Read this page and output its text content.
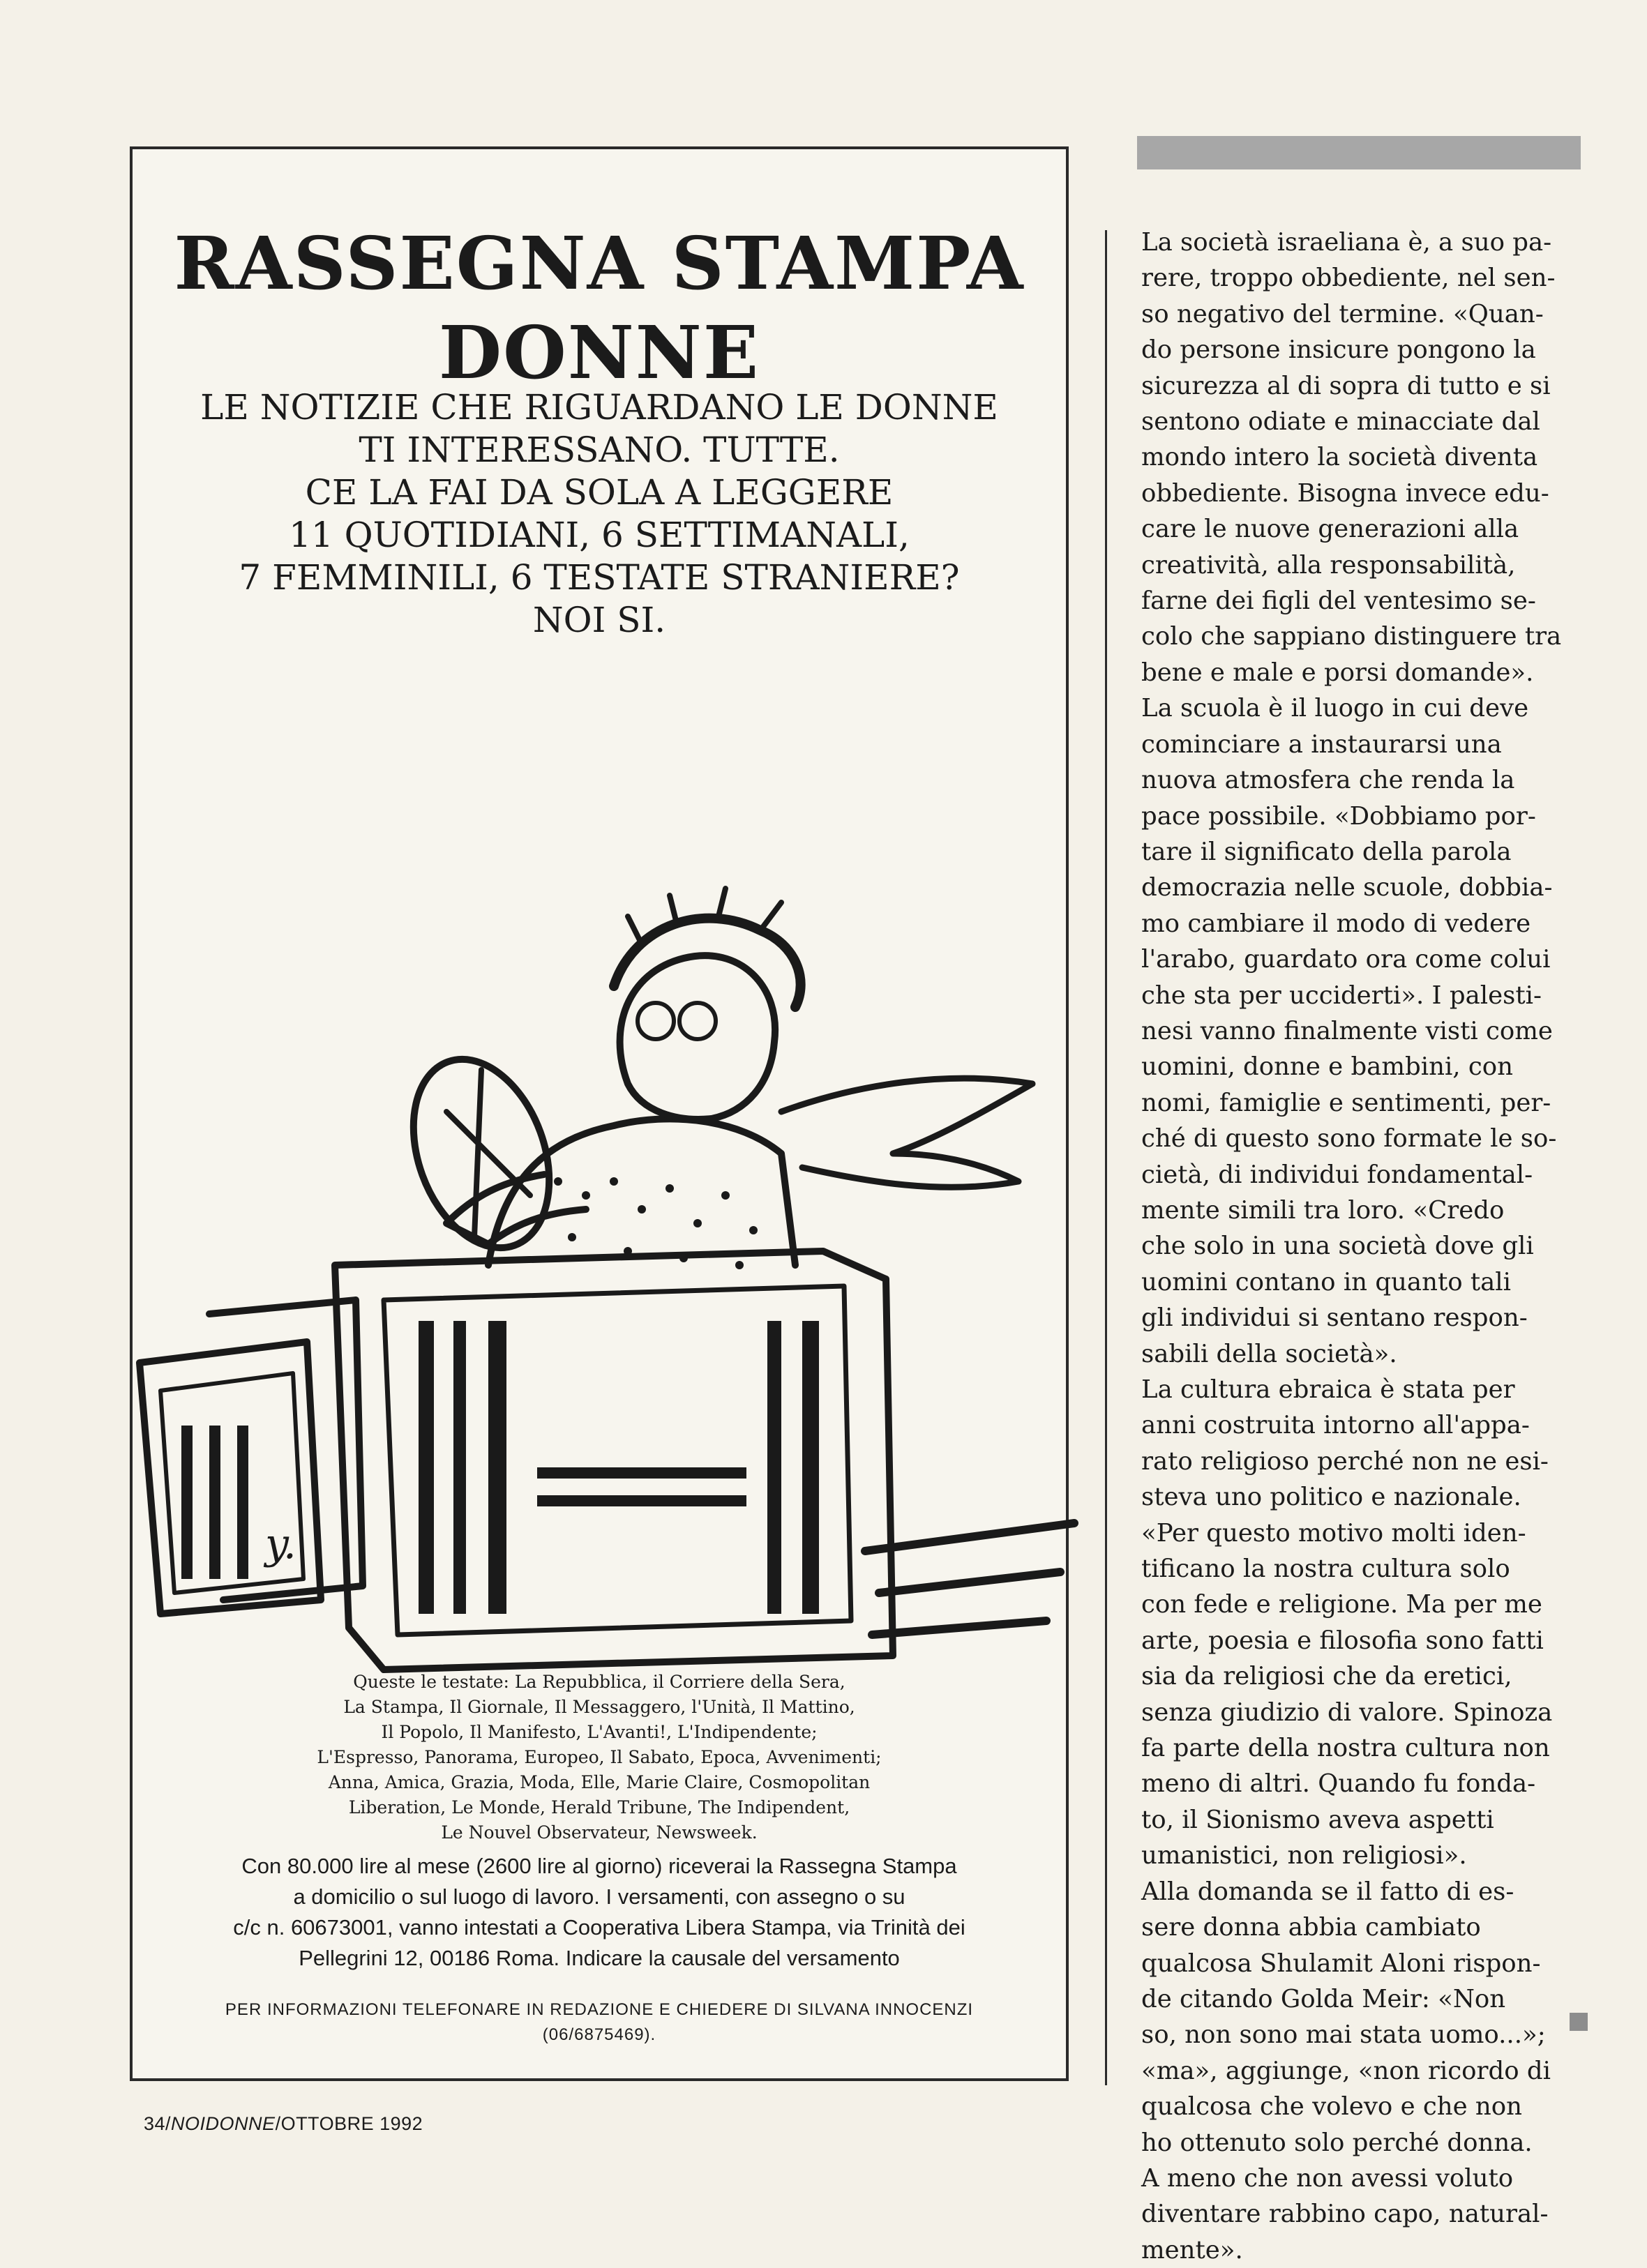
RASSEGNA STAMPA
DONNE
LE NOTIZIE CHE RIGUARDANO LE DONNE
TI INTERESSANO. TUTTE.
CE LA FAI DA SOLA A LEGGERE
11 QUOTIDIANI, 6 SETTIMANALI,
7 FEMMINILI, 6 TESTATE STRANIERE?
NOI SI.
y.
Queste le testate: La Repubblica, il Corriere della Sera,
La Stampa, Il Giornale, Il Messaggero, l'Unità, Il Mattino,
Il Popolo, Il Manifesto, L'Avanti!, L'Indipendente;
L'Espresso, Panorama, Europeo, Il Sabato, Epoca, Avvenimenti;
Anna, Amica, Grazia, Moda, Elle, Marie Claire, Cosmopolitan
Liberation, Le Monde, Herald Tribune, The Indipendent,
Le Nouvel Observateur, Newsweek.
Con 80.000 lire al mese (2600 lire al giorno) riceverai la Rassegna Stampa
a domicilio o sul luogo di lavoro. I versamenti, con assegno o su
c/c n. 60673001, vanno intestati a Cooperativa Libera Stampa, via Trinità dei
Pellegrini 12, 00186 Roma. Indicare la causale del versamento
PER INFORMAZIONI TELEFONARE IN REDAZIONE E CHIEDERE DI SILVANA INNOCENZI
(06/6875469).
La società israeliana è, a suo pa-
rere, troppo obbediente, nel sen-
so negativo del termine. «Quan-
do persone insicure pongono la
sicurezza al di sopra di tutto e si
sentono odiate e minacciate dal
mondo intero la società diventa
obbediente. Bisogna invece edu-
care le nuove generazioni alla
creatività, alla responsabilità,
farne dei figli del ventesimo se-
colo che sappiano distinguere tra
bene e male e porsi domande».
La scuola è il luogo in cui deve
cominciare a instaurarsi una
nuova atmosfera che renda la
pace possibile. «Dobbiamo por-
tare il significato della parola
democrazia nelle scuole, dobbia-
mo cambiare il modo di vedere
l'arabo, guardato ora come colui
che sta per ucciderti». I palesti-
nesi vanno finalmente visti come
uomini, donne e bambini, con
nomi, famiglie e sentimenti, per-
ché di questo sono formate le so-
cietà, di individui fondamental-
mente simili tra loro. «Credo
che solo in una società dove gli
uomini contano in quanto tali
gli individui si sentano respon-
sabili della società».
La cultura ebraica è stata per
anni costruita intorno all'appa-
rato religioso perché non ne esi-
steva uno politico e nazionale.
«Per questo motivo molti iden-
tificano la nostra cultura solo
con fede e religione. Ma per me
arte, poesia e filosofia sono fatti
sia da religiosi che da eretici,
senza giudizio di valore. Spinoza
fa parte della nostra cultura non
meno di altri. Quando fu fonda-
to, il Sionismo aveva aspetti
umanistici, non religiosi».
Alla domanda se il fatto di es-
sere donna abbia cambiato
qualcosa Shulamit Aloni rispon-
de citando Golda Meir: «Non
so, non sono mai stata uomo...»;
«ma», aggiunge, «non ricordo di
qualcosa che volevo e che non
ho ottenuto solo perché donna.
A meno che non avessi voluto
diventare rabbino capo, natural-
mente».
34/NOIDONNE/OTTOBRE 1992
